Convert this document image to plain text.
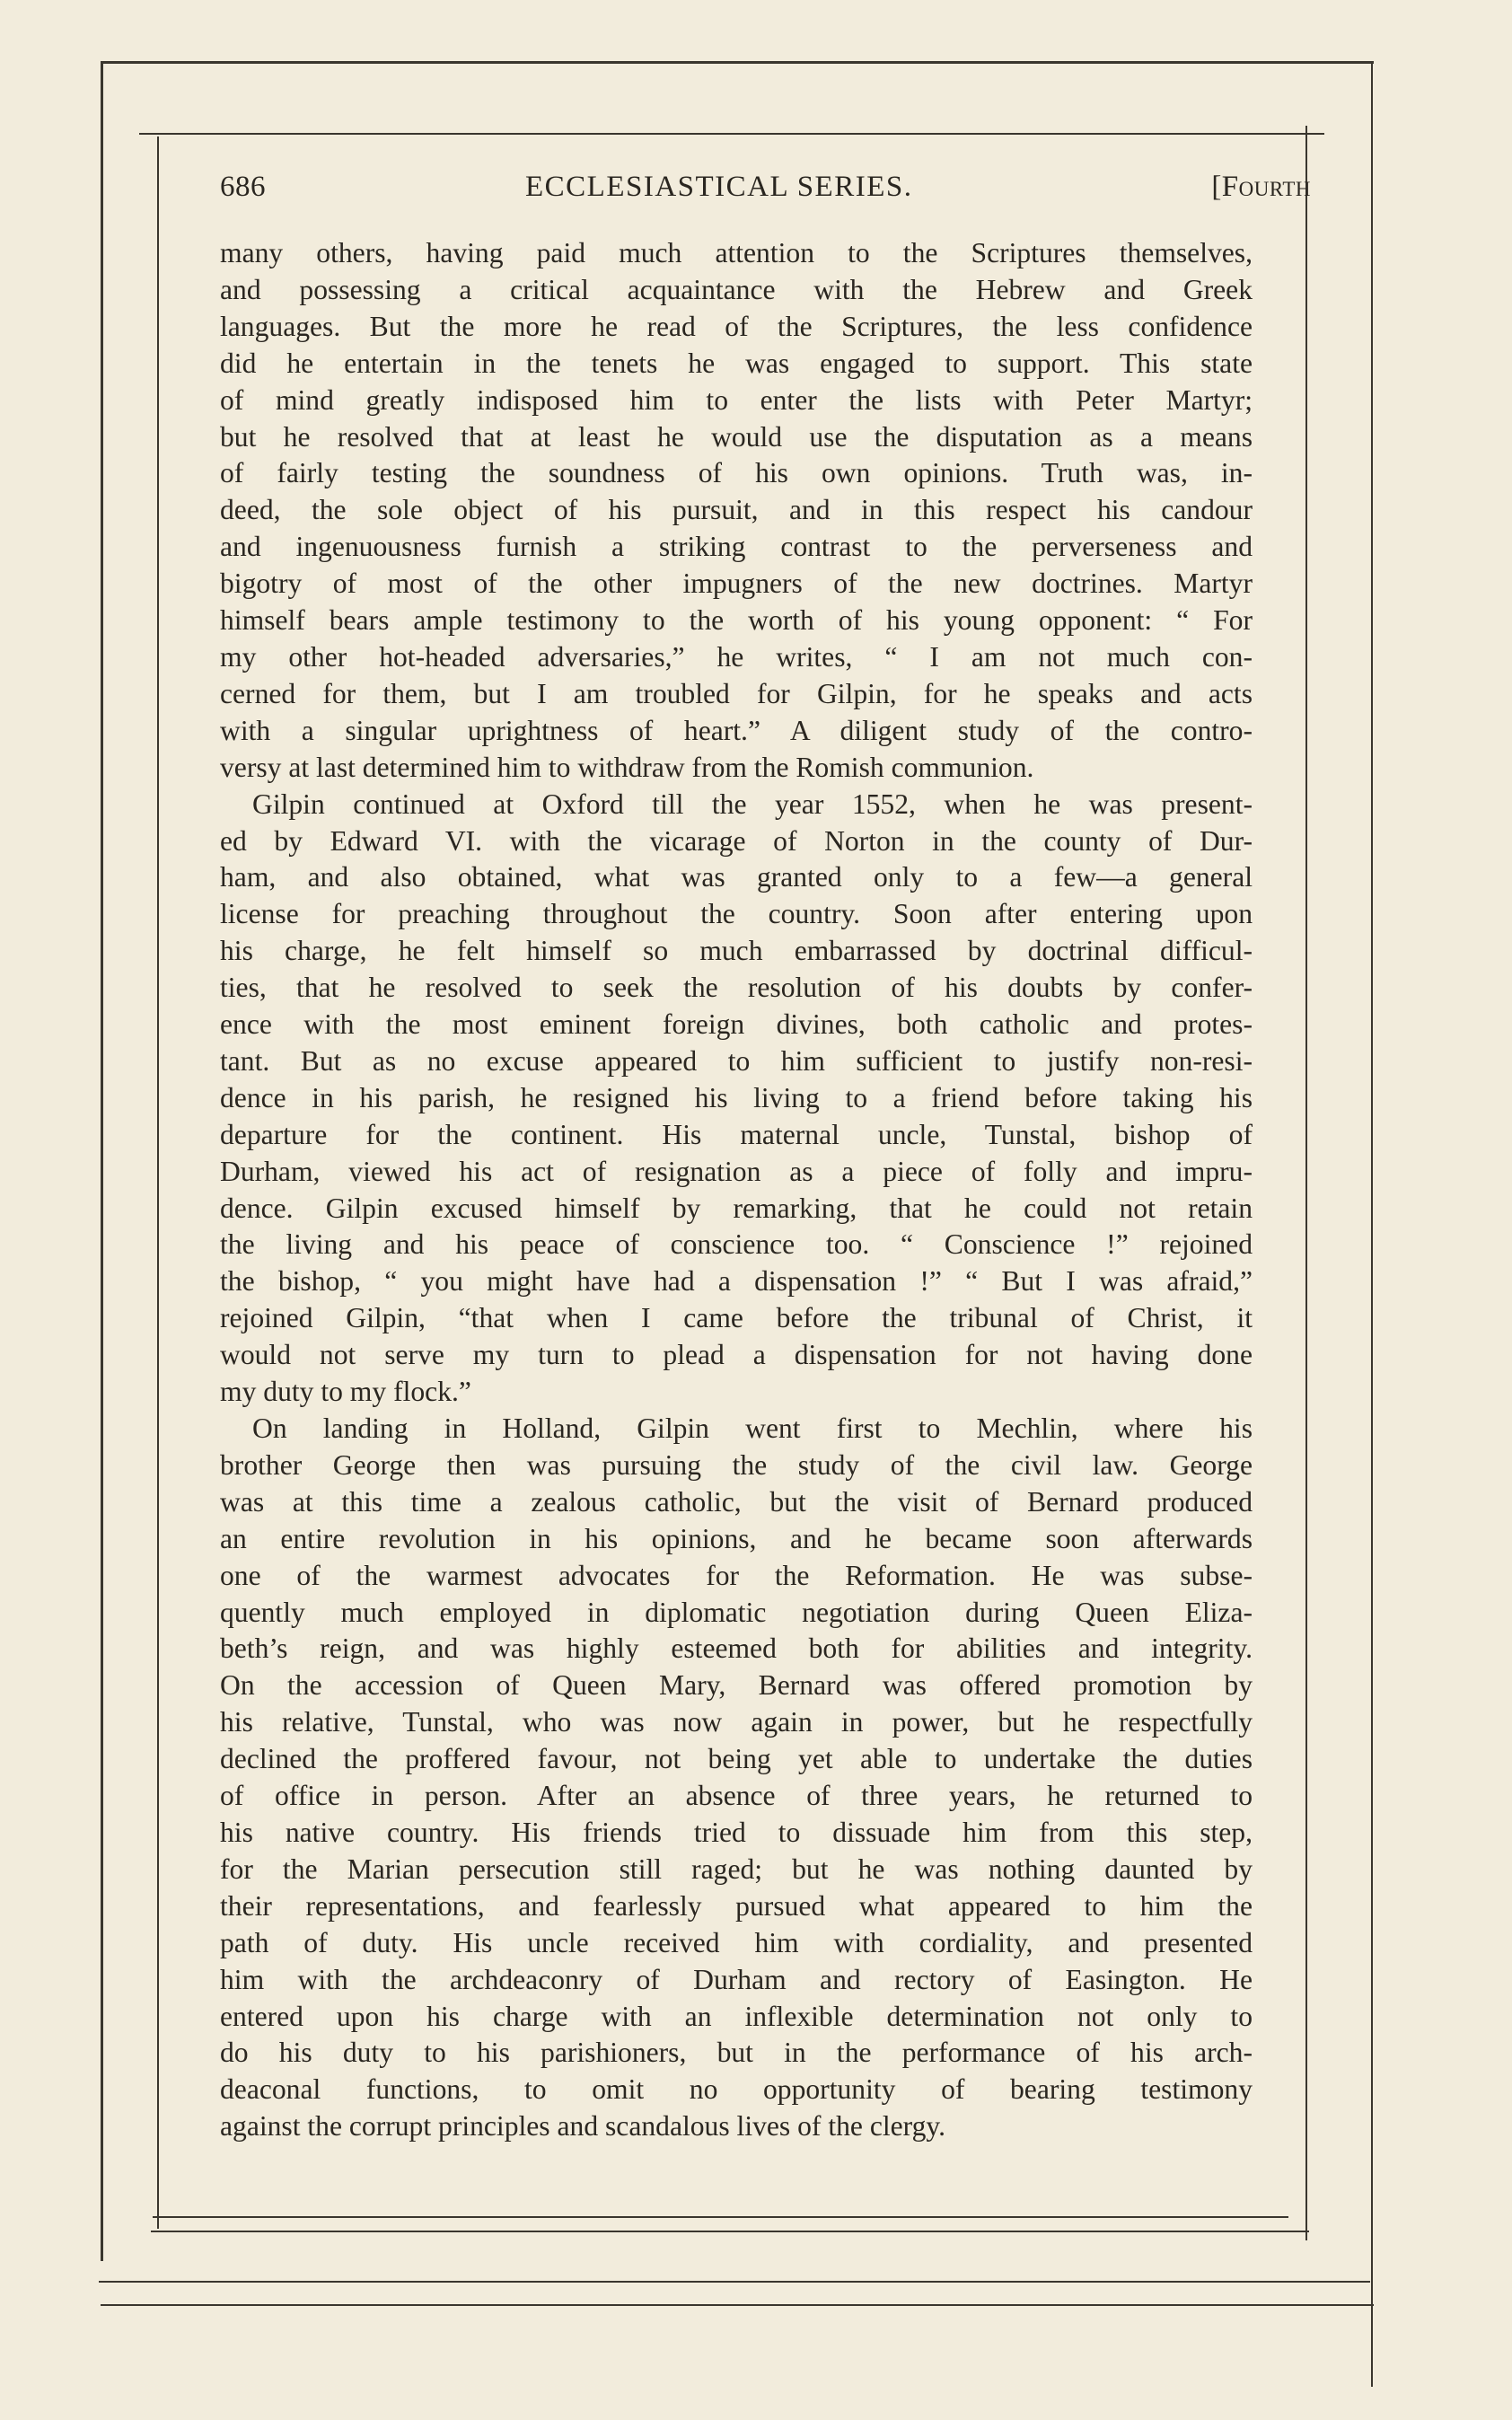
686	ECCLESIASTICAL SERIES.	[Fourth
many others, having paid much attention to the Scriptures themselves,
and possessing a critical acquaintance with the Hebrew and Greek
languages. But the more he read of the Scriptures, the less confidence
did he entertain in the tenets he was engaged to support. This state
of mind greatly indisposed him to enter the lists with Peter Martyr;
but he resolved that at least he would use the disputation as a means
of fairly testing the soundness of his own opinions. Truth was, in-
deed, the sole object of his pursuit, and in this respect his candour
and ingenuousness furnish a striking contrast to the perverseness and
bigotry of most of the other impugners of the new doctrines. Martyr
himself bears ample testimony to the worth of his young opponent: “ For
my other hot-headed adversaries,” he writes, “ I am not much con-
cerned for them, but I am troubled for Gilpin, for he speaks and acts
with a singular uprightness of heart.” A diligent study of the contro-
versy at last determined him to withdraw from the Romish communion.
Gilpin continued at Oxford till the year 1552, when he was present-
ed by Edward VI. with the vicarage of Norton in the county of Dur-
ham, and also obtained, what was granted only to a few—a general
license for preaching throughout the country. Soon after entering upon
his charge, he felt himself so much embarrassed by doctrinal difficul-
ties, that he resolved to seek the resolution of his doubts by confer-
ence with the most eminent foreign divines, both catholic and protes-
tant. But as no excuse appeared to him sufficient to justify non-resi-
dence in his parish, he resigned his living to a friend before taking his
departure for the continent. His maternal uncle, Tunstal, bishop of
Durham, viewed his act of resignation as a piece of folly and impru-
dence. Gilpin excused himself by remarking, that he could not retain
the living and his peace of conscience too. “ Conscience !” rejoined
the bishop, “ you might have had a dispensation !” “ But I was afraid,”
rejoined Gilpin, “that when I came before the tribunal of Christ, it
would not serve my turn to plead a dispensation for not having done
my duty to my flock.”
On landing in Holland, Gilpin went first to Mechlin, where his
brother George then was pursuing the study of the civil law. George
was at this time a zealous catholic, but the visit of Bernard produced
an entire revolution in his opinions, and he became soon afterwards
one of the warmest advocates for the Reformation. He was subse-
quently much employed in diplomatic negotiation during Queen Eliza-
beth’s reign, and was highly esteemed both for abilities and integrity.
On the accession of Queen Mary, Bernard was offered promotion by
his relative, Tunstal, who was now again in power, but he respectfully
declined the proffered favour, not being yet able to undertake the duties
of office in person. After an absence of three years, he returned to
his native country. His friends tried to dissuade him from this step,
for the Marian persecution still raged; but he was nothing daunted by
their representations, and fearlessly pursued what appeared to him the
path of duty. His uncle received him with cordiality, and presented
him with the archdeaconry of Durham and rectory of Easington. He
entered upon his charge with an inflexible determination not only to
do his duty to his parishioners, but in the performance of his arch-
deaconal functions, to omit no opportunity of bearing testimony
against the corrupt principles and scandalous lives of the clergy.
